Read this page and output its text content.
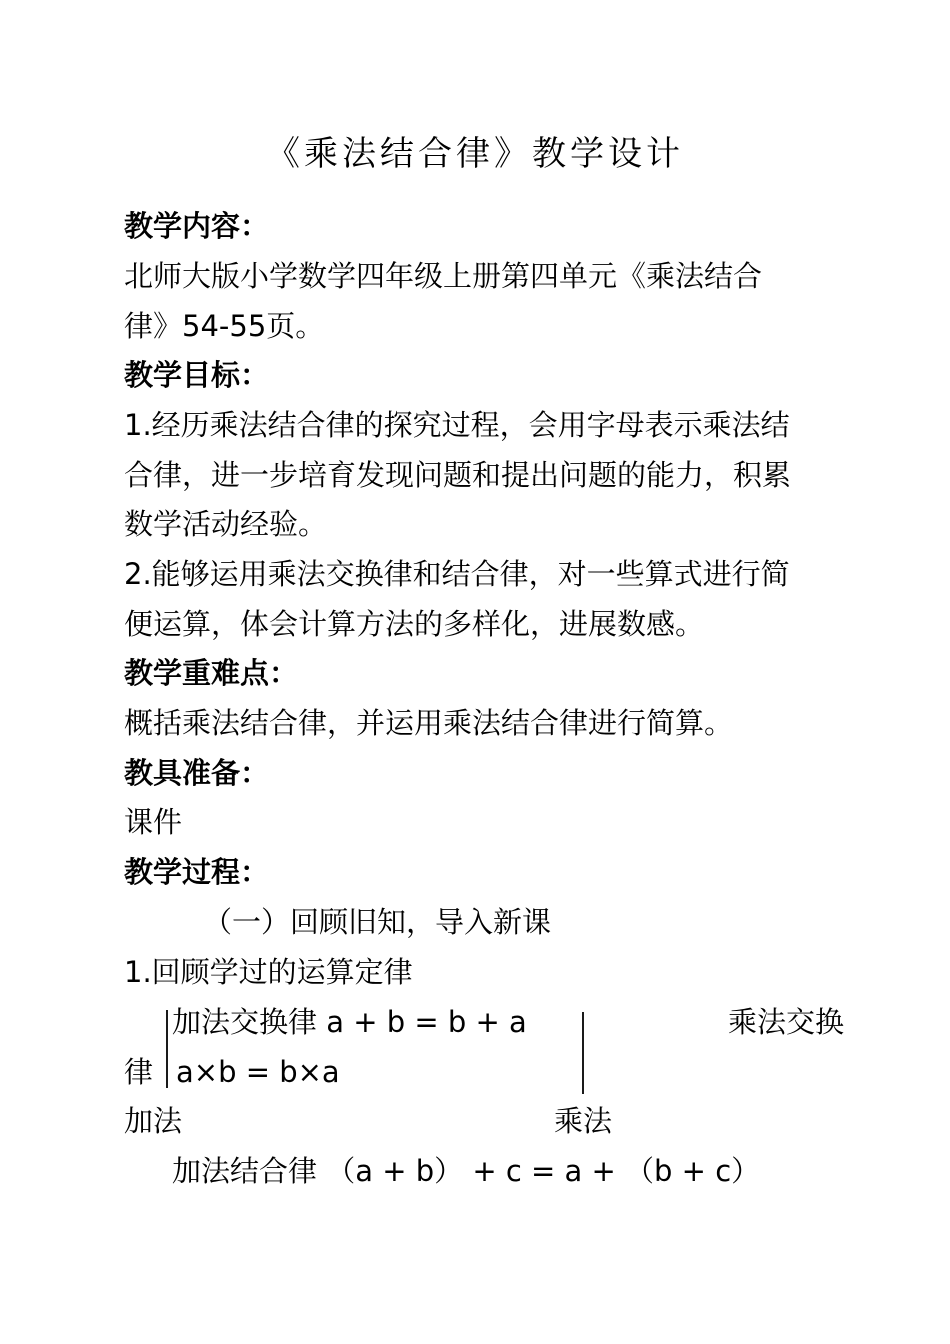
《乘法结合律》教学设计
教学内容：
北师大版小学数学四年级上册第四单元《乘法结合
律》54-55页。
教学目标：
1.经历乘法结合律的探究过程，会用字母表示乘法结
合律，进一步培育发现问题和提出问题的能力，积累
数学活动经验。
2.能够运用乘法交换律和结合律，对一些算式进行简
便运算，体会计算方法的多样化，进展数感。
教学重难点：
概括乘法结合律，并运用乘法结合律进行简算。
教具准备：
课件
教学过程：
（一）回顾旧知，导入新课
1.回顾学过的运算定律
加法交换律 a + b = b + a	乘法交换
律 a×b = b×a
加法	乘法
加法结合律 （a + b） + c = a + （b + c）
